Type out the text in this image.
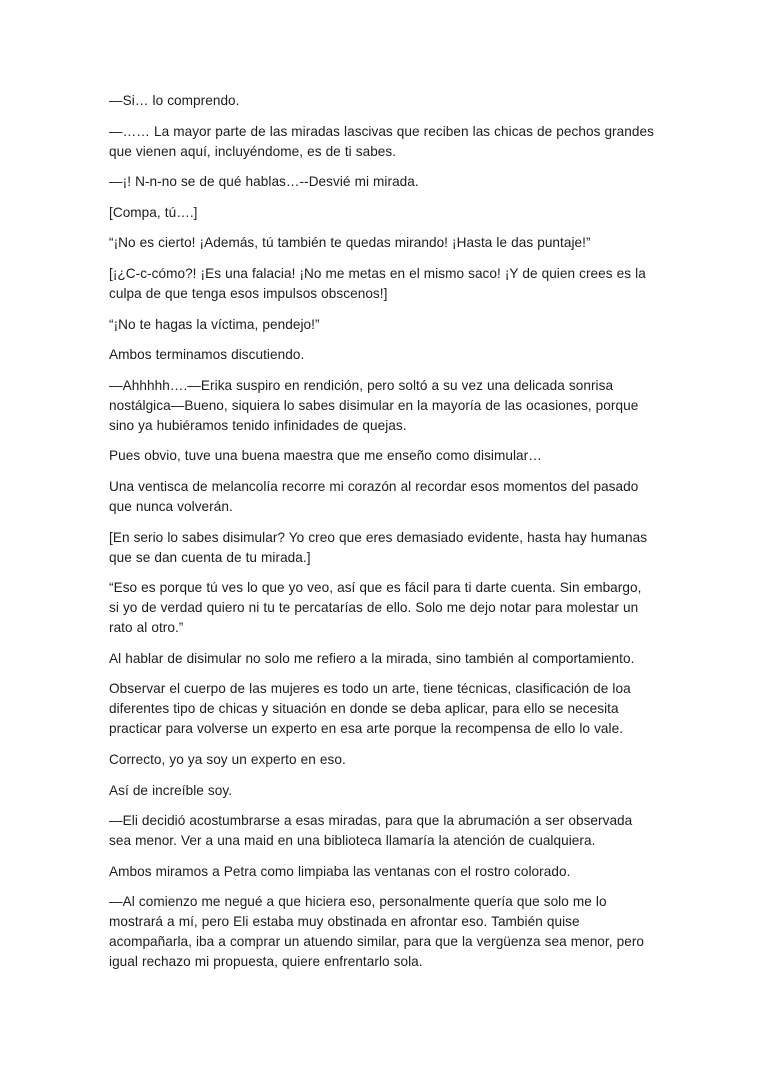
—Si… lo comprendo.

—…… La mayor parte de las miradas lascivas que reciben las chicas de pechos grandes que vienen aquí, incluyéndome, es de ti sabes.

—¡! N-n-no se de qué hablas…--Desvié mi mirada.

[Compa, tú….]

“¡No es cierto! ¡Además, tú también te quedas mirando! ¡Hasta le das puntaje!”

[¡¿C-c-cómo?! ¡Es una falacia! ¡No me metas en el mismo saco! ¡Y de quien crees es la culpa de que tenga esos impulsos obscenos!]

“¡No te hagas la víctima, pendejo!”

Ambos terminamos discutiendo.

—Ahhhhh….—Erika suspiro en rendición, pero soltó a su vez una delicada sonrisa nostálgica—Bueno, siquiera lo sabes disimular en la mayoría de las ocasiones, porque sino ya hubiéramos tenido infinidades de quejas.

Pues obvio, tuve una buena maestra que me enseño como disimular…

Una ventisca de melancolía recorre mi corazón al recordar esos momentos del pasado que nunca volverán.

[En serio lo sabes disimular? Yo creo que eres demasiado evidente, hasta hay humanas que se dan cuenta de tu mirada.]

“Eso es porque tú ves lo que yo veo, así que es fácil para ti darte cuenta. Sin embargo, si yo de verdad quiero ni tu te percatarías de ello. Solo me dejo notar para molestar un rato al otro.”

Al hablar de disimular no solo me refiero a la mirada, sino también al comportamiento.

Observar el cuerpo de las mujeres es todo un arte, tiene técnicas, clasificación de loa diferentes tipo de chicas y situación en donde se deba aplicar, para ello se necesita practicar para volverse un experto en esa arte porque la recompensa de ello lo vale.

Correcto, yo ya soy un experto en eso.

Así de increíble soy.

—Eli decidió acostumbrarse a esas miradas, para que la abrumación a ser observada sea menor. Ver a una maid en una biblioteca llamaría la atención de cualquiera.

Ambos miramos a Petra como limpiaba las ventanas con el rostro colorado.

—Al comienzo me negué a que hiciera eso, personalmente quería que solo me lo mostrará a mí, pero Eli estaba muy obstinada en afrontar eso. También quise acompañarla, iba a comprar un atuendo similar, para que la vergüenza sea menor, pero igual rechazo mi propuesta, quiere enfrentarlo sola.
